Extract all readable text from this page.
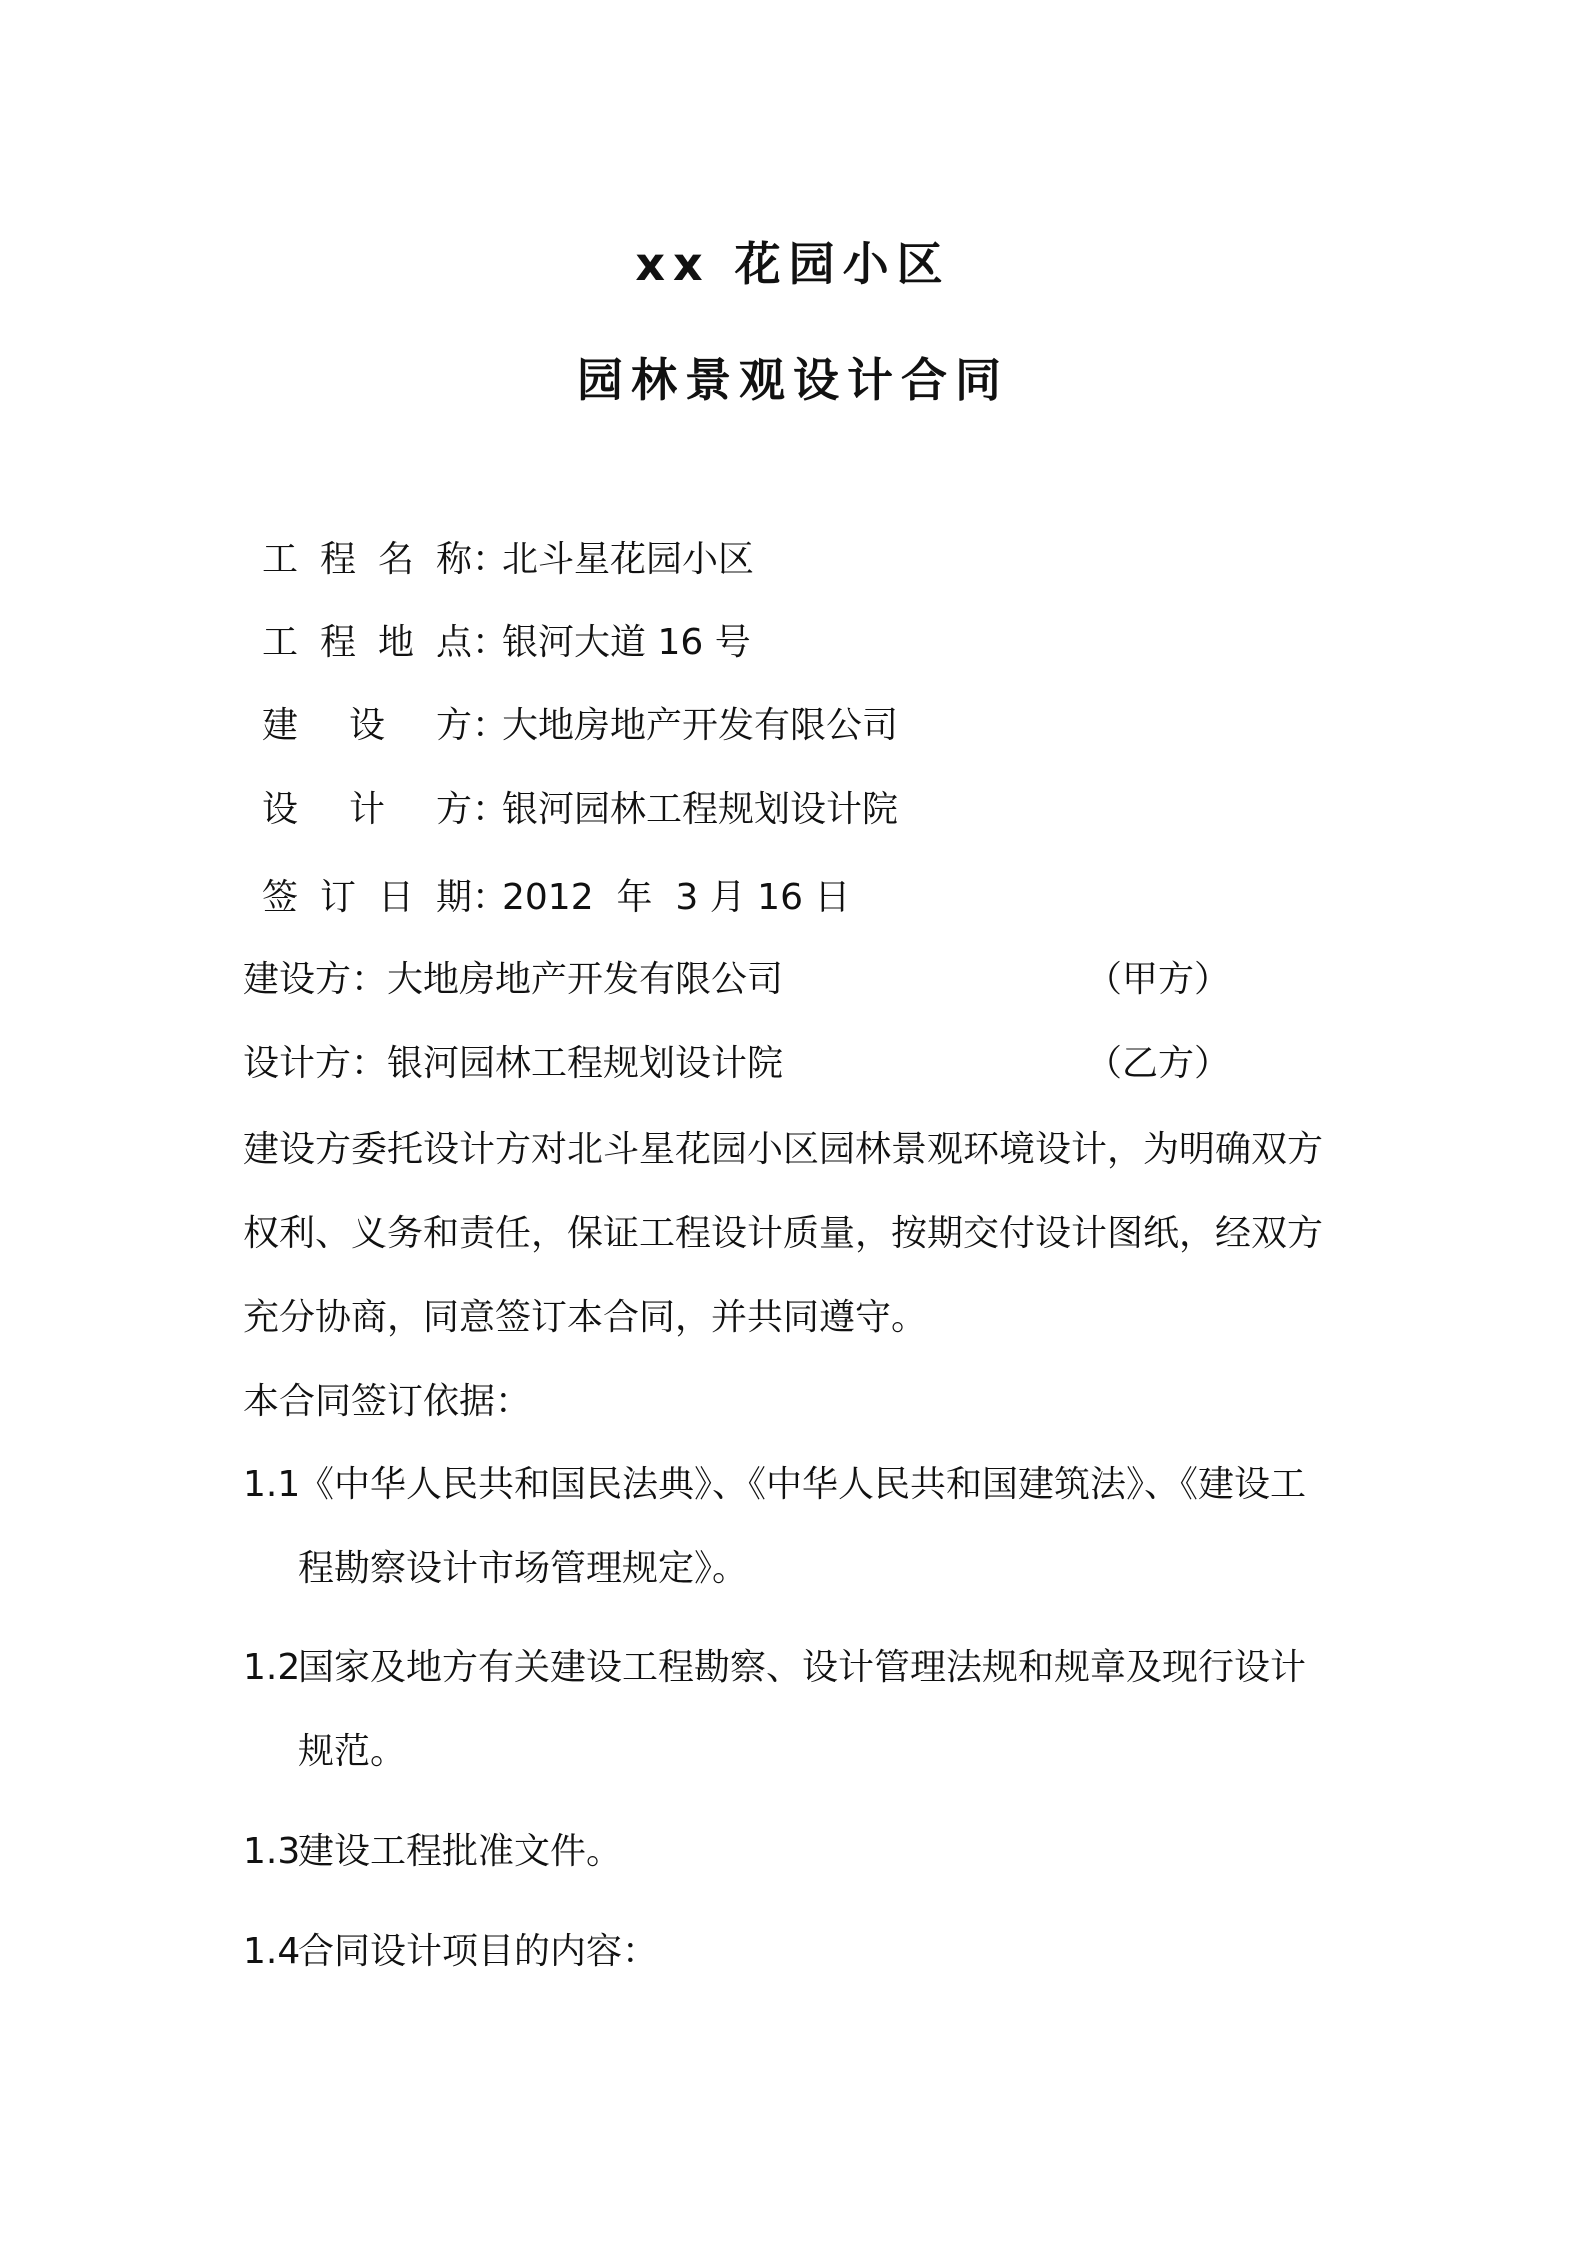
xx 花园小区
园林景观设计合同
工 程 名 称 ：
北斗星花园小区
工 程 地 点 ：
银河大道 16 号
建 设 方 ：
大地房地产开发有限公司
设 计 方 ：
银河园林工程规划设计院
签 订 日 期 ：
2012  年  3 月 16 日
建设方：大地房地产开发有限公司	（甲方）
设计方：银河园林工程规划设计院	（乙方）
建设方委托设计方对北斗星花园小区园林景观环境设计，为明确双方
权利、义务和责任，保证工程设计质量，按期交付设计图纸，经双方
充分协商，同意签订本合同，并共同遵守。
本合同签订依据：
1.1
《中华人民共和国民法典》、《中华人民共和国建筑法》、《建设工
程勘察设计市场管理规定》。
1.2
国家及地方有关建设工程勘察、设计管理法规和规章及现行设计
规范。
1.3
建设工程批准文件。
1.4
合同设计项目的内容：
